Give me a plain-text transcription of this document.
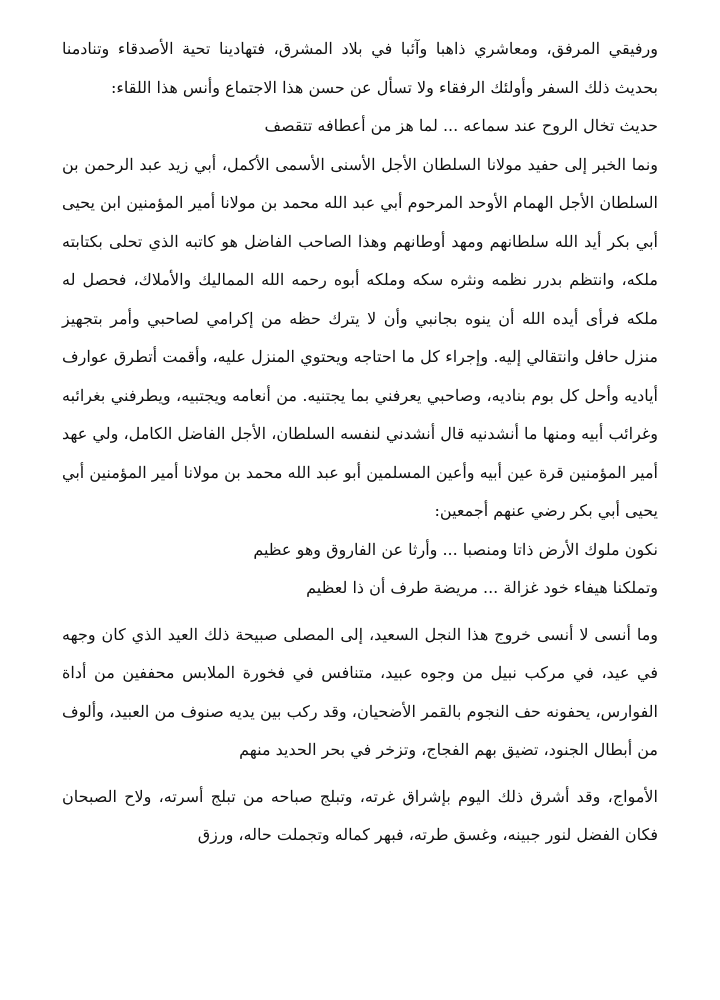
ورفيقي المرفق، ومعاشري ذاهبا وآئبا في بلاد المشرق، فتهادينا تحية الأصدقاء وتنادمنا بحديث ذلك السفر وأولئك الرفقاء ولا تسأل عن حسن هذا الاجتماع وأنس هذا اللقاء:

حديث تخال الروح عند سماعه ... لما هز من أعطافه تتقصف

ونما الخبر إلى حفيد مولانا السلطان الأجل الأسنى الأسمى الأكمل، أبي زيد عبد الرحمن بن السلطان الأجل الهمام الأوحد المرحوم أبي عبد الله محمد بن مولانا أمير المؤمنين ابن يحيى أبي بكر أيد الله سلطانهم ومهد أوطانهم وهذا الصاحب الفاضل هو كاتبه الذي تحلى بكتابته ملكه، وانتظم بدرر نظمه ونثره سكه وملكه أبوه رحمه الله المماليك والأملاك، فحصل له ملكه فرأى أيده الله أن ينوه بجانبي وأن لا يترك حظه من إكرامي لصاحبي وأمر بتجهيز منزل حافل وانتقالي إليه. وإجراء كل ما احتاجه ويحتوي المنزل عليه، وأقمت أتطرق عوارف أياديه وأحل كل بوم بناديه، وصاحبي يعرفني بما يجتنيه. من أنعامه ويجتبيه، ويطرفني بغرائبه وغرائب أبيه ومنها ما أنشدنيه قال أنشدني لنفسه السلطان، الأجل الفاضل الكامل، ولي عهد أمير المؤمنين قرة عين أبيه وأعين المسلمين أبو عبد الله محمد بن مولانا أمير المؤمنين أبي يحيى أبي بكر رضي عنهم أجمعين:

نكون ملوك الأرض ذاتا ومنصبا ... وأرثا عن الفاروق وهو عظيم

وتملكنا هيفاء خود غزالة ... مريضة طرف أن ذا لعظيم

وما أنسى لا أنسى خروج هذا النجل السعيد، إلى المصلى صبيحة ذلك العيد الذي كان وجهه في عيد، في مركب نبيل من وجوه عبيد، متنافس في فخورة الملابس محففين من أداة الفوارس، يحفونه حف النجوم بالقمر الأضحيان، وقد ركب بين يديه صنوف من العبيد، وألوف من أبطال الجنود، تضيق بهم الفجاج، وتزخر في بحر الحديد منهم

الأمواج، وقد أشرق ذلك اليوم بإشراق غرته، وتبلج صباحه من تبلج أسرته، ولاح الصبحان فكان الفضل لنور جبينه، وغسق طرته، فبهر كماله وتجملت حاله، ورزق
